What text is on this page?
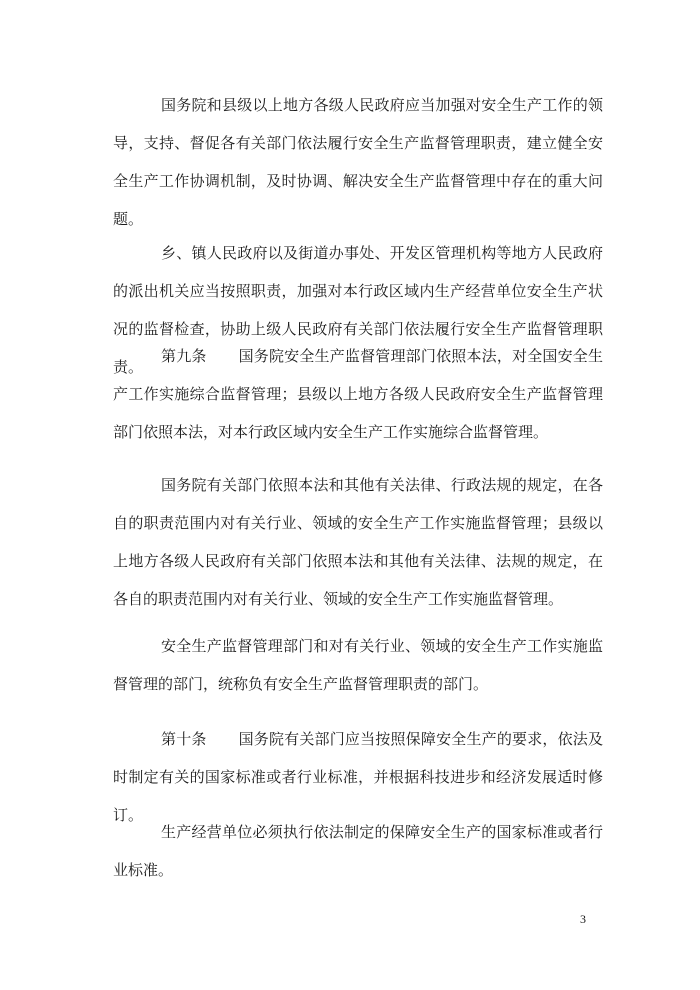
国务院和县级以上地方各级人民政府应当加强对安全生产工作的领导，支持、督促各有关部门依法履行安全生产监督管理职责，建立健全安全生产工作协调机制，及时协调、解决安全生产监督管理中存在的重大问题。

乡、镇人民政府以及街道办事处、开发区管理机构等地方人民政府的派出机关应当按照职责，加强对本行政区域内生产经营单位安全生产状况的监督检查，协助上级人民政府有关部门依法履行安全生产监督管理职责。

第九条 国务院安全生产监督管理部门依照本法，对全国安全生产工作实施综合监督管理；县级以上地方各级人民政府安全生产监督管理部门依照本法，对本行政区域内安全生产工作实施综合监督管理。

国务院有关部门依照本法和其他有关法律、行政法规的规定，在各自的职责范围内对有关行业、领域的安全生产工作实施监督管理；县级以上地方各级人民政府有关部门依照本法和其他有关法律、法规的规定，在各自的职责范围内对有关行业、领域的安全生产工作实施监督管理。

安全生产监督管理部门和对有关行业、领域的安全生产工作实施监督管理的部门，统称负有安全生产监督管理职责的部门。

第十条 国务院有关部门应当按照保障安全生产的要求，依法及时制定有关的国家标准或者行业标准，并根据科技进步和经济发展适时修订。

生产经营单位必须执行依法制定的保障安全生产的国家标准或者行业标准。

3
